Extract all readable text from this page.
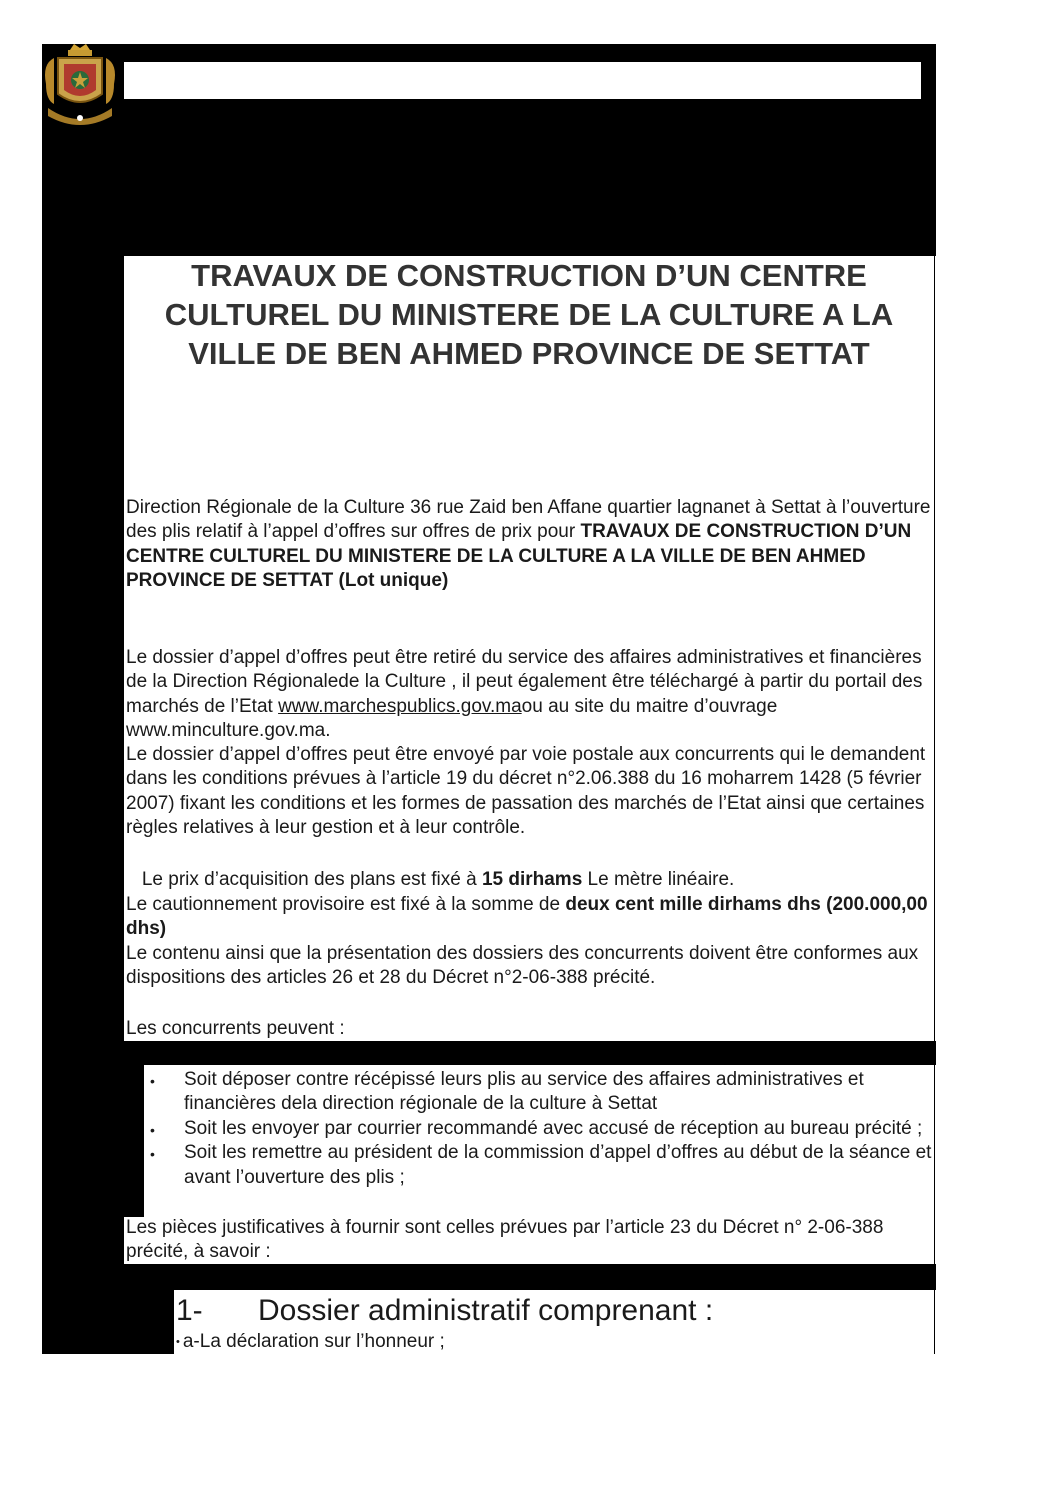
TRAVAUX DE CONSTRUCTION D’UN CENTRE CULTUREL DU MINISTERE DE LA CULTURE A LA VILLE DE BEN AHMED PROVINCE DE SETTAT

Direction Régionale de la Culture 36 rue Zaid ben Affane quartier lagnanet à Settat à l’ouverture des plis relatif à l’appel d’offres sur offres de prix pour TRAVAUX DE CONSTRUCTION D’UN CENTRE CULTUREL DU MINISTERE DE LA CULTURE A LA VILLE DE BEN AHMED PROVINCE DE SETTAT (Lot unique)

Le dossier d’appel d’offres peut être retiré du service des affaires administratives et financières de la Direction Régionalede la Culture , il peut également être téléchargé à partir du portail des marchés de l’Etat www.marchespublics.gov.maou au site du maitre d’ouvrage www.minculture.gov.ma.

Le dossier d’appel d’offres peut être envoyé par voie postale aux concurrents qui le demandent dans les conditions prévues à l’article 19 du décret n°2.06.388 du 16 moharrem 1428 (5 février 2007) fixant les conditions et les formes de passation des marchés de l’Etat ainsi que certaines règles relatives à leur gestion et à leur contrôle.

Le prix d’acquisition des plans est fixé à 15 dirhams Le mètre linéaire.

Le cautionnement provisoire est fixé à la somme de deux cent mille dirhams dhs (200.000,00 dhs)

Le contenu ainsi que la présentation des dossiers des concurrents doivent être conformes aux dispositions des articles 26 et 28 du Décret n°2-06-388 précité.

Les concurrents peuvent :

• Soit déposer contre récépissé leurs plis au service des affaires administratives et financières dela direction régionale de la culture à Settat
• Soit les envoyer par courrier recommandé avec accusé de réception au bureau précité ;
• Soit les remettre au président de la commission d’appel d’offres au début de la séance et avant l’ouverture des plis ;

Les pièces justificatives à fournir sont celles prévues par l’article 23 du Décret n° 2-06-388 précité, à savoir :

1- Dossier administratif comprenant :

• a-La déclaration sur l’honneur ;
